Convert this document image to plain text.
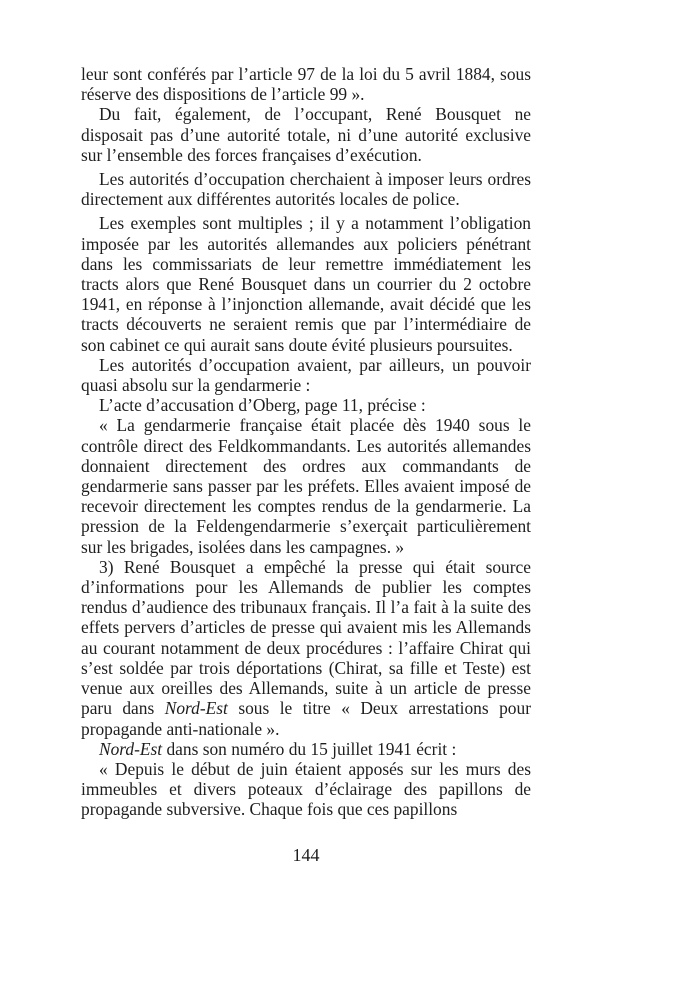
leur sont conférés par l’article 97 de la loi du 5 avril 1884, sous réserve des dispositions de l’article 99 ».

Du fait, également, de l’occupant, René Bousquet ne disposait pas d’une autorité totale, ni d’une autorité exclusive sur l’ensemble des forces françaises d’exécution.

Les autorités d’occupation cherchaient à imposer leurs ordres directement aux différentes autorités locales de police.

Les exemples sont multiples ; il y a notamment l’obligation imposée par les autorités allemandes aux policiers pénétrant dans les commissariats de leur remettre immédiatement les tracts alors que René Bousquet dans un courrier du 2 octobre 1941, en réponse à l’injonction allemande, avait décidé que les tracts découverts ne seraient remis que par l’intermédiaire de son cabinet ce qui aurait sans doute évité plusieurs poursuites.

Les autorités d’occupation avaient, par ailleurs, un pouvoir quasi absolu sur la gendarmerie :

L’acte d’accusation d’Oberg, page 11, précise :

« La gendarmerie française était placée dès 1940 sous le contrôle direct des Feldkommandants. Les autorités allemandes donnaient directement des ordres aux commandants de gendarmerie sans passer par les préfets. Elles avaient imposé de recevoir directement les comptes rendus de la gendarmerie. La pression de la Feldengendarmerie s’exerçait particulièrement sur les brigades, isolées dans les campagnes. »

3) René Bousquet a empêché la presse qui était source d’informations pour les Allemands de publier les comptes rendus d’audience des tribunaux français. Il l’a fait à la suite des effets pervers d’articles de presse qui avaient mis les Allemands au courant notamment de deux procédures : l’affaire Chirat qui s’est soldée par trois déportations (Chirat, sa fille et Teste) est venue aux oreilles des Allemands, suite à un article de presse paru dans Nord-Est sous le titre « Deux arrestations pour propagande anti-nationale ».

Nord-Est dans son numéro du 15 juillet 1941 écrit :

« Depuis le début de juin étaient apposés sur les murs des immeubles et divers poteaux d’éclairage des papillons de propagande subversive. Chaque fois que ces papillons

144
